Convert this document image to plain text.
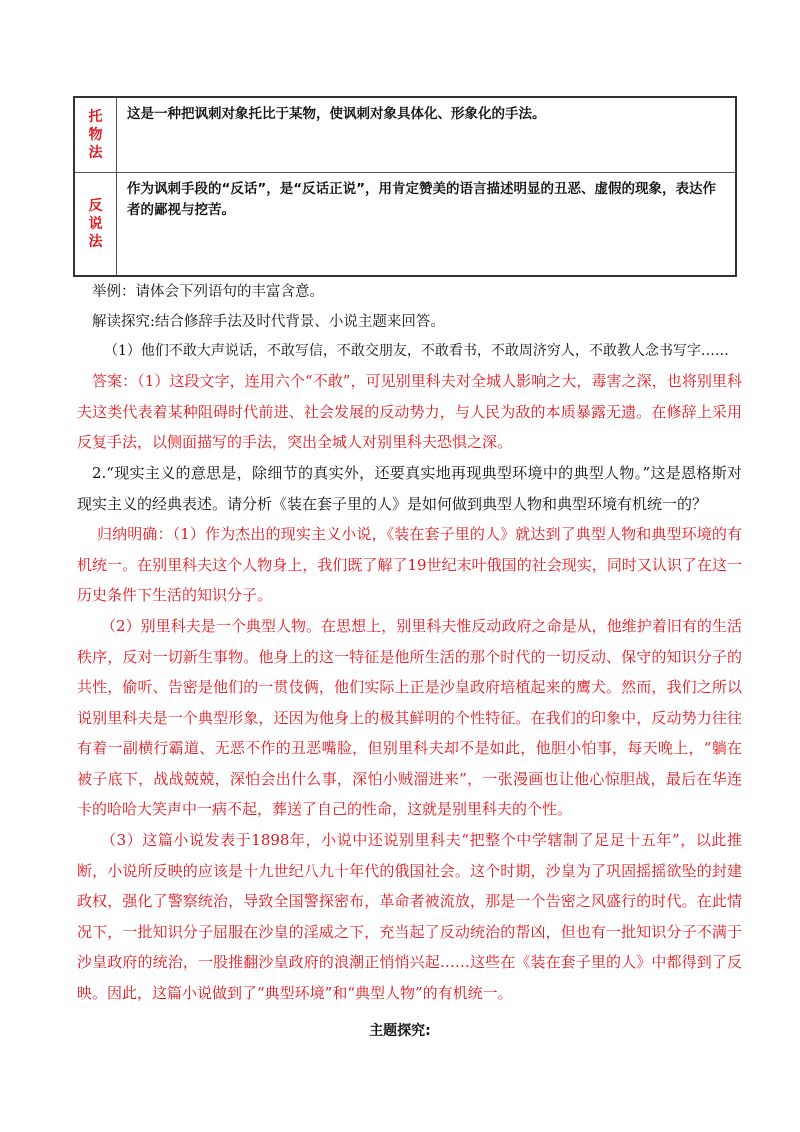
托物法
这是一种把讽刺对象托比于某物，使讽刺对象具体化、形象化的手法。
反说法
作为讽刺手段的“反话”，是“反话正说”，用肯定赞美的语言描述明显的丑恶、虚假的现象，表达作者的鄙视与挖苦。
举例：请体会下列语句的丰富含意。
解读探究:结合修辞手法及时代背景、小说主题来回答。
（1）他们不敢大声说话，不敢写信，不敢交朋友，不敢看书，不敢周济穷人，不敢教人念书写字……
答案：（1）这段文字，连用六个“不敢”，可见别里科夫对全城人影响之大，毒害之深，也将别里科夫这类代表着某种阻碍时代前进、社会发展的反动势力，与人民为敌的本质暴露无遗。在修辞上采用反复手法，以侧面描写的手法，突出全城人对别里科夫恐惧之深。
2.“现实主义的意思是，除细节的真实外，还要真实地再现典型环境中的典型人物。”这是恩格斯对现实主义的经典表述。请分析《装在套子里的人》是如何做到典型人物和典型环境有机统一的？
归纳明确：（1）作为杰出的现实主义小说，《装在套子里的人》就达到了典型人物和典型环境的有机统一。在别里科夫这个人物身上，我们既了解了19世纪末叶俄国的社会现实，同时又认识了在这一历史条件下生活的知识分子。
（2）别里科夫是一个典型人物。在思想上，别里科夫惟反动政府之命是从，他维护着旧有的生活秩序，反对一切新生事物。他身上的这一特征是他所生活的那个时代的一切反动、保守的知识分子的共性，偷听、告密是他们的一贯伎俩，他们实际上正是沙皇政府培植起来的鹰犬。然而，我们之所以说别里科夫是一个典型形象，还因为他身上的极其鲜明的个性特征。在我们的印象中，反动势力往往有着一副横行霸道、无恶不作的丑恶嘴脸，但别里科夫却不是如此，他胆小怕事，每天晚上，“躺在被子底下，战战兢兢，深怕会出什么事，深怕小贼溜进来”，一张漫画也让他心惊胆战，最后在华连卡的哈哈大笑声中一病不起，葬送了自己的性命，这就是别里科夫的个性。
（3）这篇小说发表于1898年，小说中还说别里科夫“把整个中学辖制了足足十五年”，以此推断，小说所反映的应该是十九世纪八九十年代的俄国社会。这个时期，沙皇为了巩固摇摇欲坠的封建政权，强化了警察统治，导致全国警探密布，革命者被流放，那是一个告密之风盛行的时代。在此情况下，一批知识分子屈服在沙皇的淫威之下，充当起了反动统治的帮凶，但也有一批知识分子不满于沙皇政府的统治，一股推翻沙皇政府的浪潮正悄悄兴起……这些在《装在套子里的人》中都得到了反映。因此，这篇小说做到了“典型环境”和“典型人物”的有机统一。
主题探究:
